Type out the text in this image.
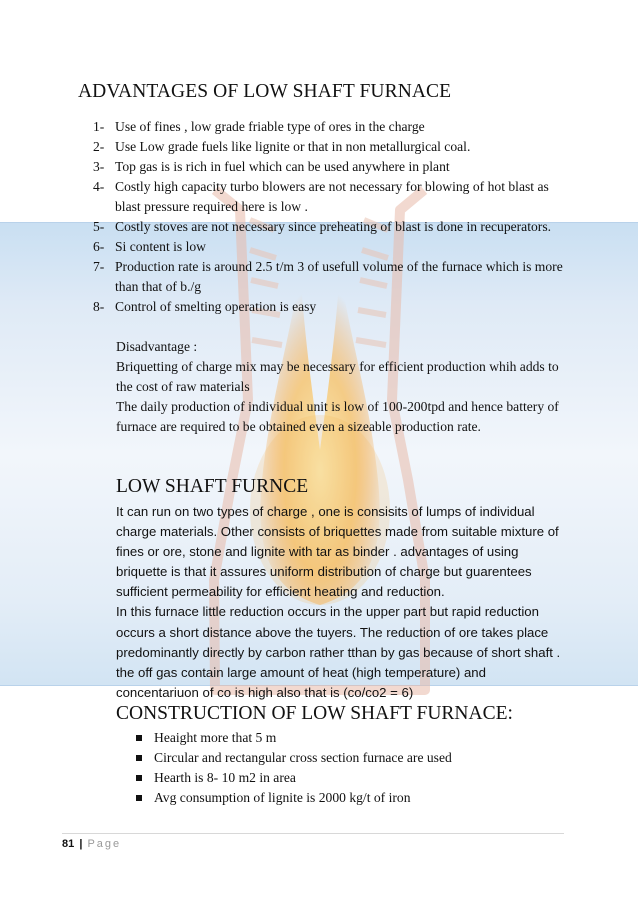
ADVANTAGES OF LOW SHAFT FURNACE
1- Use of fines , low grade friable type of ores in the charge
2- Use Low grade fuels like lignite or that in non metallurgical coal.
3- Top gas is is rich in fuel which can be used anywhere in plant
4- Costly high capacity turbo blowers are not necessary for blowing of hot blast as blast pressure required here is low .
5- Costly stoves are not necessary since preheating of blast is done in recuperators.
6- Si content is low
7- Production rate is around 2.5 t/m 3 of usefull volume of the furnace which is more than that of b./g
8- Control of smelting operation is easy
Disadvantage :
Briquetting of charge mix may be necessary for efficient production whih adds to the cost of raw materials
The daily production of individual unit is low of 100-200tpd and hence battery of furnace are required to be obtained even a sizeable production rate.
LOW SHAFT FURNCE
It can run on two types of charge , one is consisits of lumps of individual charge materials. Other consists of briquettes made from suitable mixture of fines or ore, stone and lignite with tar as binder . advantages of using briquette is that it assures uniform distribution of charge but guarentees sufficient permeability for efficient heating and reduction.
In this furnace little reduction occurs in the upper part but rapid reduction occurs a short distance above the tuyers. The reduction of ore takes place predominantly directly by carbon rather tthan by gas because of short shaft . the off gas contain large amount of heat (high temperature) and concentariuon of co is high also that is (co/co2 = 6)
CONSTRUCTION OF LOW SHAFT FURNACE:
Heaight more that 5 m
Circular and rectangular cross section furnace are used
Hearth is 8- 10 m2 in area
Avg consumption of lignite is 2000 kg/t of iron
81 | Page
